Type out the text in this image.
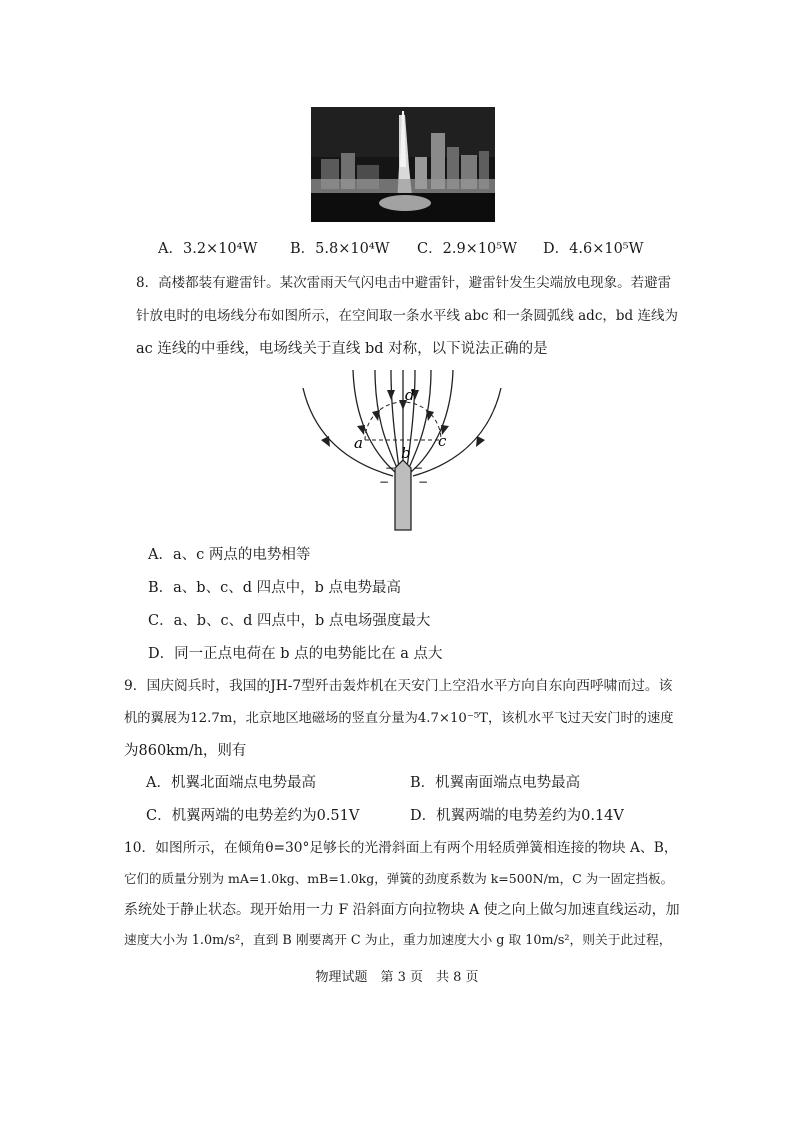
A．3.2×10⁴W B．5.8×10⁴W C．2.9×10⁵W D．4.6×10⁵W
8．高楼都装有避雷针。某次雷雨天气闪电击中避雷针，避雷针发生尖端放电现象。若避雷
针放电时的电场线分布如图所示，在空间取一条水平线 abc 和一条圆弧线 adc，bd 连线为
ac 连线的中垂线，电场线关于直线 bd 对称，以下说法正确的是
− −
− −
a
b
c
d
A．a、c 两点的电势相等
B．a、b、c、d 四点中，b 点电势最高
C．a、b、c、d 四点中，b 点电场强度最大
D．同一正点电荷在 b 点的电势能比在 a 点大
9．国庆阅兵时，我国的JH-7型歼击轰炸机在天安门上空沿水平方向自东向西呼啸而过。该
机的翼展为12.7m，北京地区地磁场的竖直分量为4.7×10⁻⁵T，该机水平飞过天安门时的速度
为860km/h，则有
A．机翼北面端点电势最高	B．机翼南面端点电势最高
C．机翼两端的电势差约为0.51V	D．机翼两端的电势差约为0.14V
10．如图所示，在倾角θ=30°足够长的光滑斜面上有两个用轻质弹簧相连接的物块 A、B，
它们的质量分别为 mA=1.0kg、mB=1.0kg，弹簧的劲度系数为 k=500N/m，C 为一固定挡板。
系统处于静止状态。现开始用一力 F 沿斜面方向拉物块 A 使之向上做匀加速直线运动，加
速度大小为 1.0m/s²，直到 B 刚要离开 C 为止，重力加速度大小 g 取 10m/s²，则关于此过程，
物理试题　第 3 页　共 8 页
